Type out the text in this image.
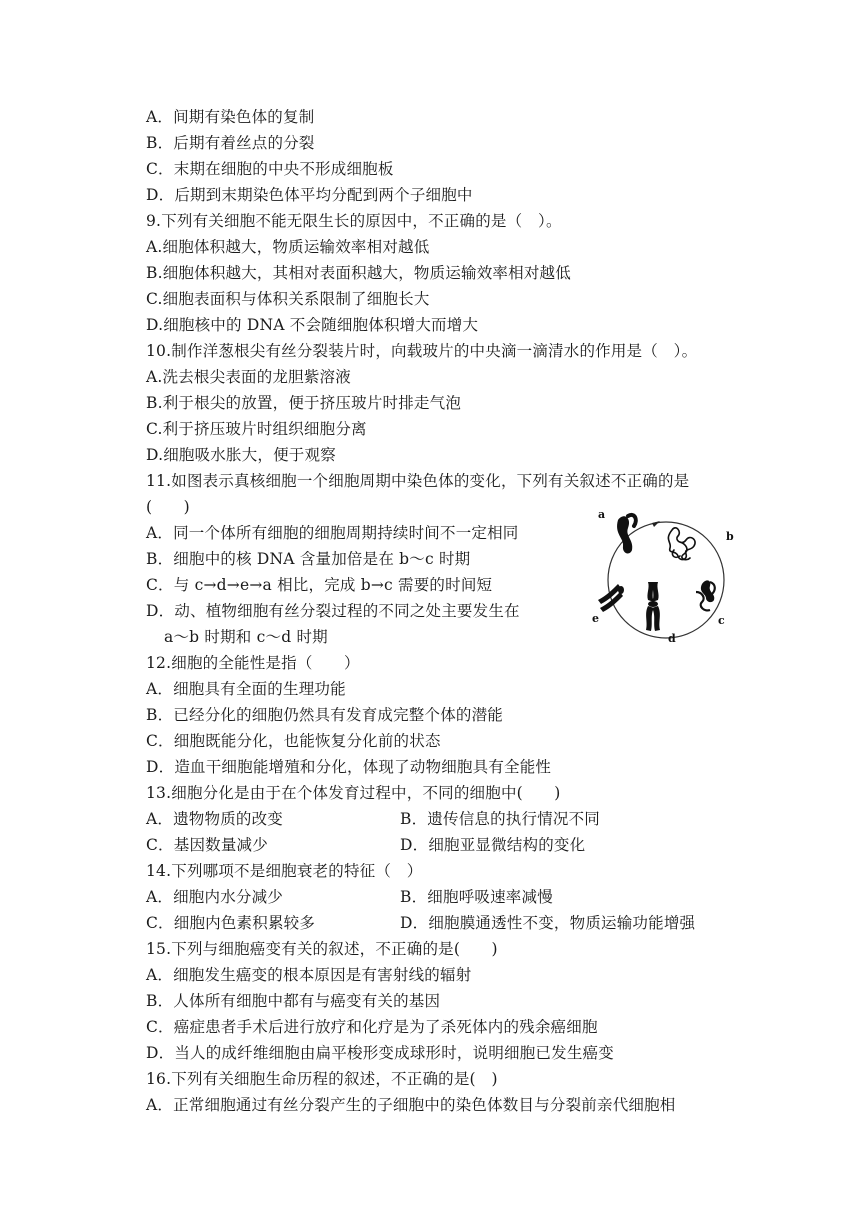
A．间期有染色体的复制
B．后期有着丝点的分裂
C．末期在细胞的中央不形成细胞板
D．后期到末期染色体平均分配到两个子细胞中
9.下列有关细胞不能无限生长的原因中，不正确的是（　）。
A.细胞体积越大，物质运输效率相对越低
B.细胞体积越大，其相对表面积越大，物质运输效率相对越低
C.细胞表面积与体积关系限制了细胞长大
D.细胞核中的 DNA 不会随细胞体积增大而增大
10.制作洋葱根尖有丝分裂装片时，向载玻片的中央滴一滴清水的作用是（　）。
A.洗去根尖表面的龙胆紫溶液
B.利于根尖的放置，便于挤压玻片时排走气泡
C.利于挤压玻片时组织细胞分离
D.细胞吸水胀大，便于观察
11.如图表示真核细胞一个细胞周期中染色体的变化，下列有关叙述不正确的是
(　　)
A．同一个体所有细胞的细胞周期持续时间不一定相同
B．细胞中的核 DNA 含量加倍是在 b～c 时期
C．与 c→d→e→a 相比，完成 b→c 需要的时间短
D．动、植物细胞有丝分裂过程的不同之处主要发生在
a～b 时期和 c～d 时期
a
b
c
d
e
12.细胞的全能性是指（　　）
A．细胞具有全面的生理功能
B．已经分化的细胞仍然具有发育成完整个体的潜能
C．细胞既能分化，也能恢复分化前的状态
D．造血干细胞能增殖和分化，体现了动物细胞具有全能性
13.细胞分化是由于在个体发育过程中，不同的细胞中(　　)
A．遗物物质的改变	B．遗传信息的执行情况不同
C．基因数量减少	D．细胞亚显微结构的变化
14.下列哪项不是细胞衰老的特征（　）
A．细胞内水分减少	B．细胞呼吸速率减慢
C．细胞内色素积累较多	D．细胞膜通透性不变，物质运输功能增强
15.下列与细胞癌变有关的叙述，不正确的是(　　)
A．细胞发生癌变的根本原因是有害射线的辐射
B．人体所有细胞中都有与癌变有关的基因
C．癌症患者手术后进行放疗和化疗是为了杀死体内的残余癌细胞
D．当人的成纤维细胞由扁平梭形变成球形时，说明细胞已发生癌变
16.下列有关细胞生命历程的叙述，不正确的是(　)
A．正常细胞通过有丝分裂产生的子细胞中的染色体数目与分裂前亲代细胞相
